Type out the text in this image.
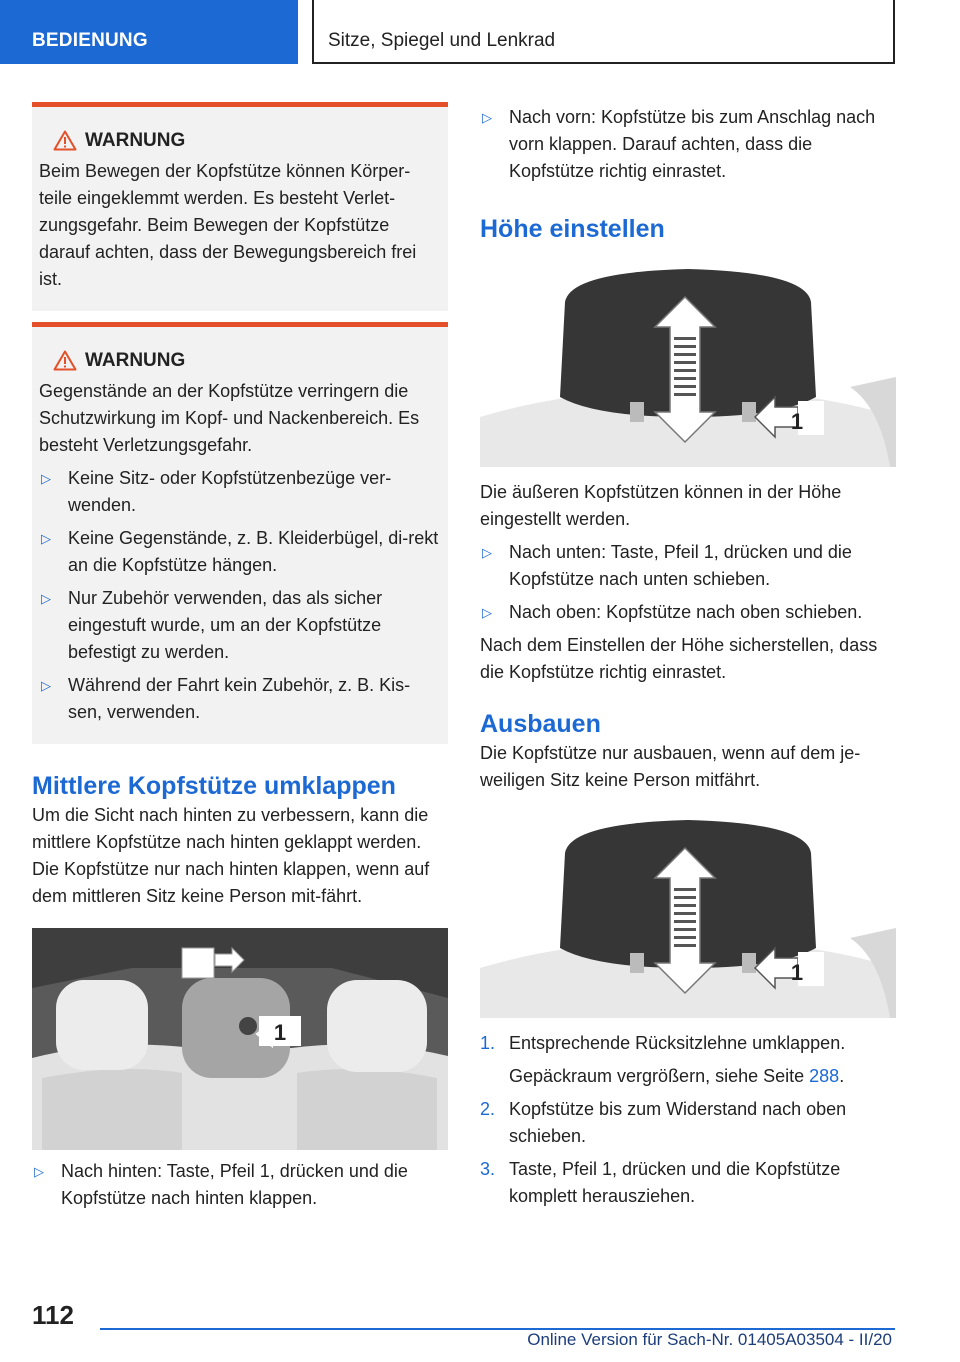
BEDIENUNG	Sitze, Spiegel und Lenkrad
WARNUNG

Beim Bewegen der Kopfstütze können Körper-teile eingeklemmt werden. Es besteht Verlet-zungsgefahr. Beim Bewegen der Kopfstütze darauf achten, dass der Bewegungsbereich frei ist.

WARNUNG

Gegenstände an der Kopfstütze verringern die Schutzwirkung im Kopf- und Nackenbereich. Es besteht Verletzungsgefahr.

▷ Keine Sitz- oder Kopfstützenbezüge ver-wenden.
▷ Keine Gegenstände, z. B. Kleiderbügel, di-rekt an die Kopfstütze hängen.
▷ Nur Zubehör verwenden, das als sicher eingestuft wurde, um an der Kopfstütze befestigt zu werden.
▷ Während der Fahrt kein Zubehör, z. B. Kis-sen, verwenden.
Mittlere Kopfstütze umklappen

Um die Sicht nach hinten zu verbessern, kann die mittlere Kopfstütze nach hinten geklappt werden. Die Kopfstütze nur nach hinten klappen, wenn auf dem mittleren Sitz keine Person mit-fährt.

1
▷ Nach hinten: Taste, Pfeil 1, drücken und die Kopfstütze nach hinten klappen.
▷ Nach vorn: Kopfstütze bis zum Anschlag nach vorn klappen. Darauf achten, dass die Kopfstütze richtig einrastet.
Höhe einstellen
1

Die äußeren Kopfstützen können in der Höhe eingestellt werden.

▷ Nach unten: Taste, Pfeil 1, drücken und die Kopfstütze nach unten schieben.
▷ Nach oben: Kopfstütze nach oben schieben.

Nach dem Einstellen der Höhe sicherstellen, dass die Kopfstütze richtig einrastet.

Ausbauen

Die Kopfstütze nur ausbauen, wenn auf dem je-weiligen Sitz keine Person mitfährt.

1
1. Entsprechende Rücksitzlehne umklappen.
Gepäckraum vergrößern, siehe Seite 288.
2. Kopfstütze bis zum Widerstand nach oben schieben.
3. Taste, Pfeil 1, drücken und die Kopfstütze komplett herausziehen.
112
Online Version für Sach-Nr. 01405A03504 - II/20
